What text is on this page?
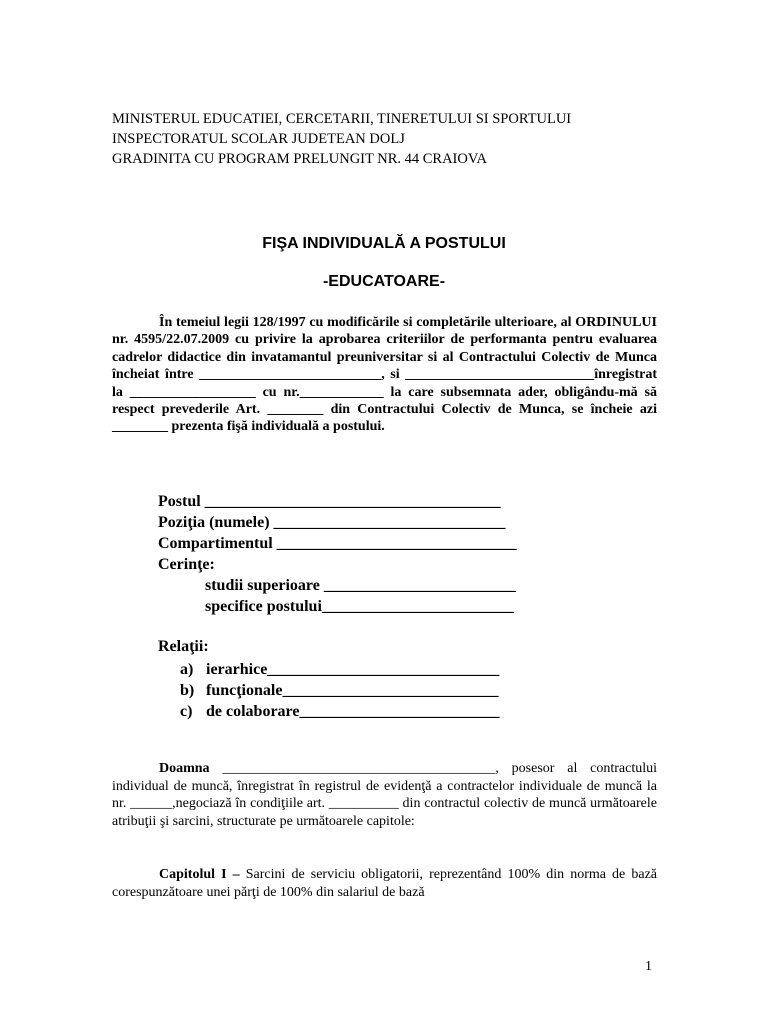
MINISTERUL EDUCATIEI, CERCETARII, TINERETULUI SI SPORTULUI
INSPECTORATUL SCOLAR JUDETEAN DOLJ
GRADINITA CU PROGRAM PRELUNGIT NR. 44 CRAIOVA
FIŞA INDIVIDUALĂ A POSTULUI
-EDUCATOARE-

În temeiul legii 128/1997 cu modificările si completările ulterioare, al ORDINULUI nr. 4595/22.07.2009 cu privire la aprobarea criteriilor de performanta pentru evaluarea cadrelor didactice din invatamantul preuniversitar si al Contractului Colectiv de Munca încheiat între __________________________, si ___________________________înregistrat la __________________ cu nr.____________ la care subsemnata ader, obligându-mă să respect prevederile Art. ________ din Contractului Colectiv de Munca, se încheie azi ________ prezenta fişă individuală a postului.

Postul _____________________________________
Poziţia (numele) _____________________________
Compartimentul ______________________________
Cerinţe:
studii superioare ________________________
specifice postului________________________
Relaţii:
a) ierarhice_____________________________
b) funcţionale___________________________
c) de colaborare_________________________
Doamna _______________________________________, posesor al contractului individual de muncă, înregistrat în registrul de evidenţă a contractelor individuale de muncă la nr. ______,negociază în condiţiile art. __________ din contractul colectiv de muncă următoarele atribuţii şi sarcini, structurate pe următoarele capitole:
Capitolul I – Sarcini de serviciu obligatorii, reprezentând 100% din norma de bază corespunzătoare unei părţi de 100% din salariul de bază
1
